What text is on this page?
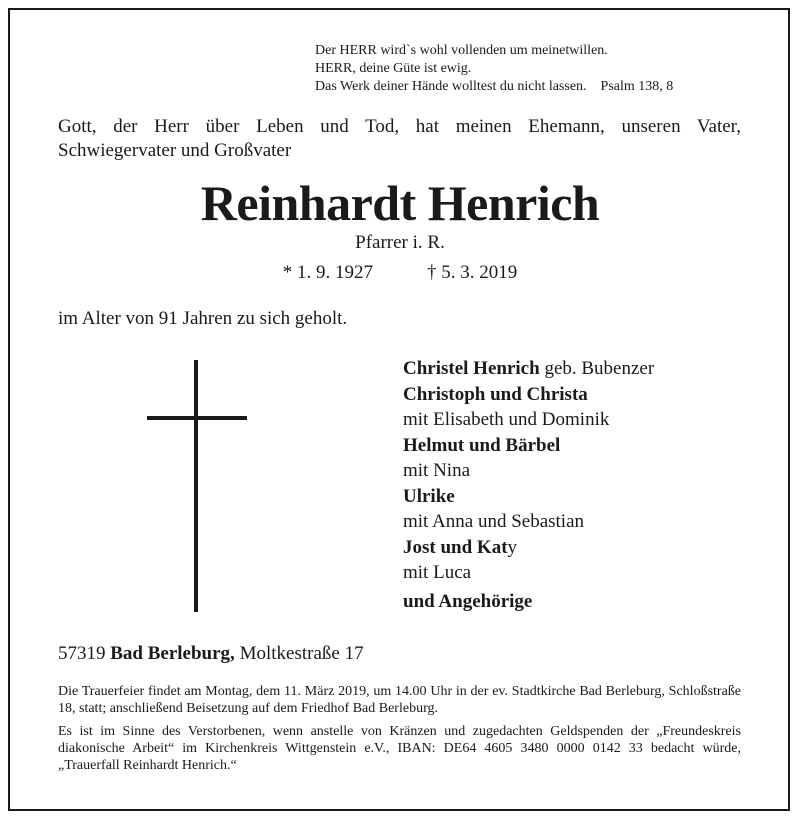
Der HERR wird`s wohl vollenden um meinetwillen.
HERR, deine Güte ist ewig.
Das Werk deiner Hände wolltest du nicht lassen. Psalm 138, 8
Gott, der Herr über Leben und Tod, hat meinen Ehemann, unseren Vater,
Schwiegervater und Großvater
Reinhardt Henrich
Pfarrer i. R.
* 1. 9. 1927	† 5. 3. 2019
im Alter von 91 Jahren zu sich geholt.
Christel Henrich geb. Bubenzer
Christoph und Christa
mit Elisabeth und Dominik
Helmut und Bärbel
mit Nina
Ulrike
mit Anna und Sebastian
Jost und Katy
mit Luca
und Angehörige
57319 Bad Berleburg, Moltkestraße 17

Die Trauerfeier findet am Montag, dem 11. März 2019, um 14.00 Uhr in der ev. Stadtkirche Bad Berleburg, Schloßstraße 18, statt; anschließend Beisetzung auf dem Friedhof Bad Berleburg.

Es ist im Sinne des Verstorbenen, wenn anstelle von Kränzen und zugedachten Geldspenden der „Freundeskreis diakonische Arbeit“ im Kirchenkreis Wittgenstein e.V., IBAN: DE64 4605 3480 0000 0142 33 bedacht würde, „Trauerfall Reinhardt Henrich.“
